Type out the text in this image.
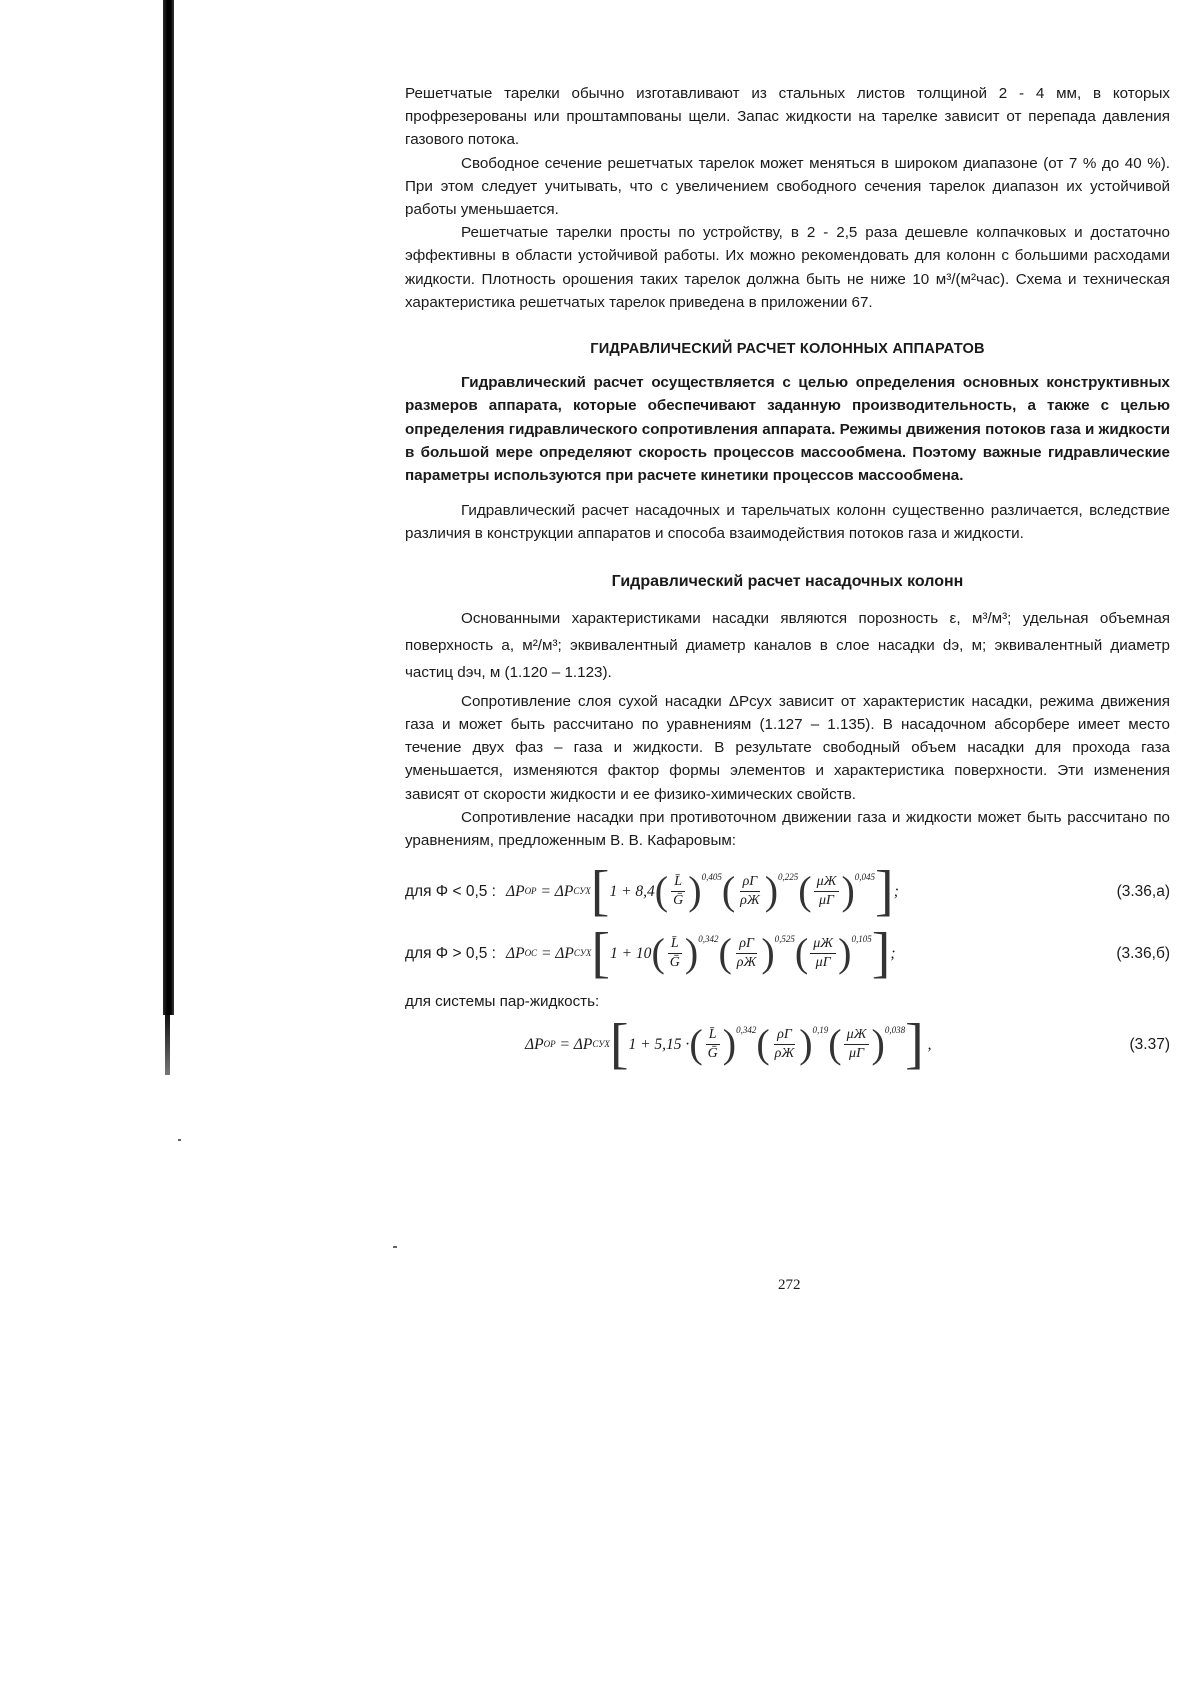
Решетчатые тарелки обычно изготавливают из стальных листов толщиной 2 - 4 мм, в которых профрезерованы или проштампованы щели. Запас жидкости на тарелке зависит от перепада давления газового потока.

Свободное сечение решетчатых тарелок может меняться в широком диапазоне (от 7 % до 40 %). При этом следует учитывать, что с увеличением свободного сечения тарелок диапазон их устойчивой работы уменьшается.

Решетчатые тарелки просты по устройству, в 2 - 2,5 раза дешевле колпачковых и достаточно эффективны в области устойчивой работы. Их можно рекомендовать для колонн с большими расходами жидкости. Плотность орошения таких тарелок должна быть не ниже 10 м³/(м²час). Схема и техническая характеристика решетчатых тарелок приведена в приложении 67.

ГИДРАВЛИЧЕСКИЙ РАСЧЕТ КОЛОННЫХ АППАРАТОВ

Гидравлический расчет осуществляется с целью определения основных конструктивных размеров аппарата, которые обеспечивают заданную производительность, а также с целью определения гидравлического сопротивления аппарата. Режимы движения потоков газа и жидкости в большой мере определяют скорость процессов массообмена. Поэтому важные гидравлические параметры используются при расчете кинетики процессов массообмена.

Гидравлический расчет насадочных и тарельчатых колонн существенно различается, вследствие различия в конструкции аппаратов и способа взаимодействия потоков газа и жидкости.

Гидравлический расчет насадочных колонн

Основанными характеристиками насадки являются порозность ε, м³/м³; удельная объемная поверхность a, м²/м³; эквивалентный диаметр каналов в слое насадки dэ, м; эквивалентный диаметр частиц dэч, м (1.120 – 1.123).

Сопротивление слоя сухой насадки ΔPсух зависит от характеристик насадки, режима движения газа и может быть рассчитано по уравнениям (1.127 – 1.135). В насадочном абсорбере имеет место течение двух фаз – газа и жидкости. В результате свободный объем насадки для прохода газа уменьшается, изменяются фактор формы элементов и характеристика поверхности. Эти изменения зависят от скорости жидкости и ее физико-химических свойств.

Сопротивление насадки при противоточном движении газа и жидкости может быть рассчитано по уравнениям, предложенным В. В. Кафаровым:

для Φ < 0,5 : ΔP ОР = ΔP СУХ [ 1 + 8,4 ( $\frac{L̄}{\text{Ḡ}} )^{0,405}$ ( $\frac{\rho Г}{\rho Ж} )^{0,225}$ ( $\frac{\mu Ж}{\mu Г} )^{0,045}$ ] ;	(3.36,а)
для Φ > 0,5 : ΔP ОС = ΔP СУХ [ 1 + 10 ( $\frac{L̄}{\text{Ḡ}} )^{0,342}$ ( $\frac{\rho Г}{\rho Ж} )^{0,525}$ ( $\frac{\mu Ж}{\mu Г} )^{0,105}$ ] ;	(3.36,б)

для системы пар-жидкость:

ΔP ОР = ΔP СУХ [ 1 + 5,15 · ( $\frac{L̄}{\text{Ḡ}} )^{0,342}$ ( $\frac{\rho Г}{\rho Ж} )^{0,19}$ ( $\frac{\mu Ж}{\mu Г} )^{0,038}$ ] ,	(3.37)
272
